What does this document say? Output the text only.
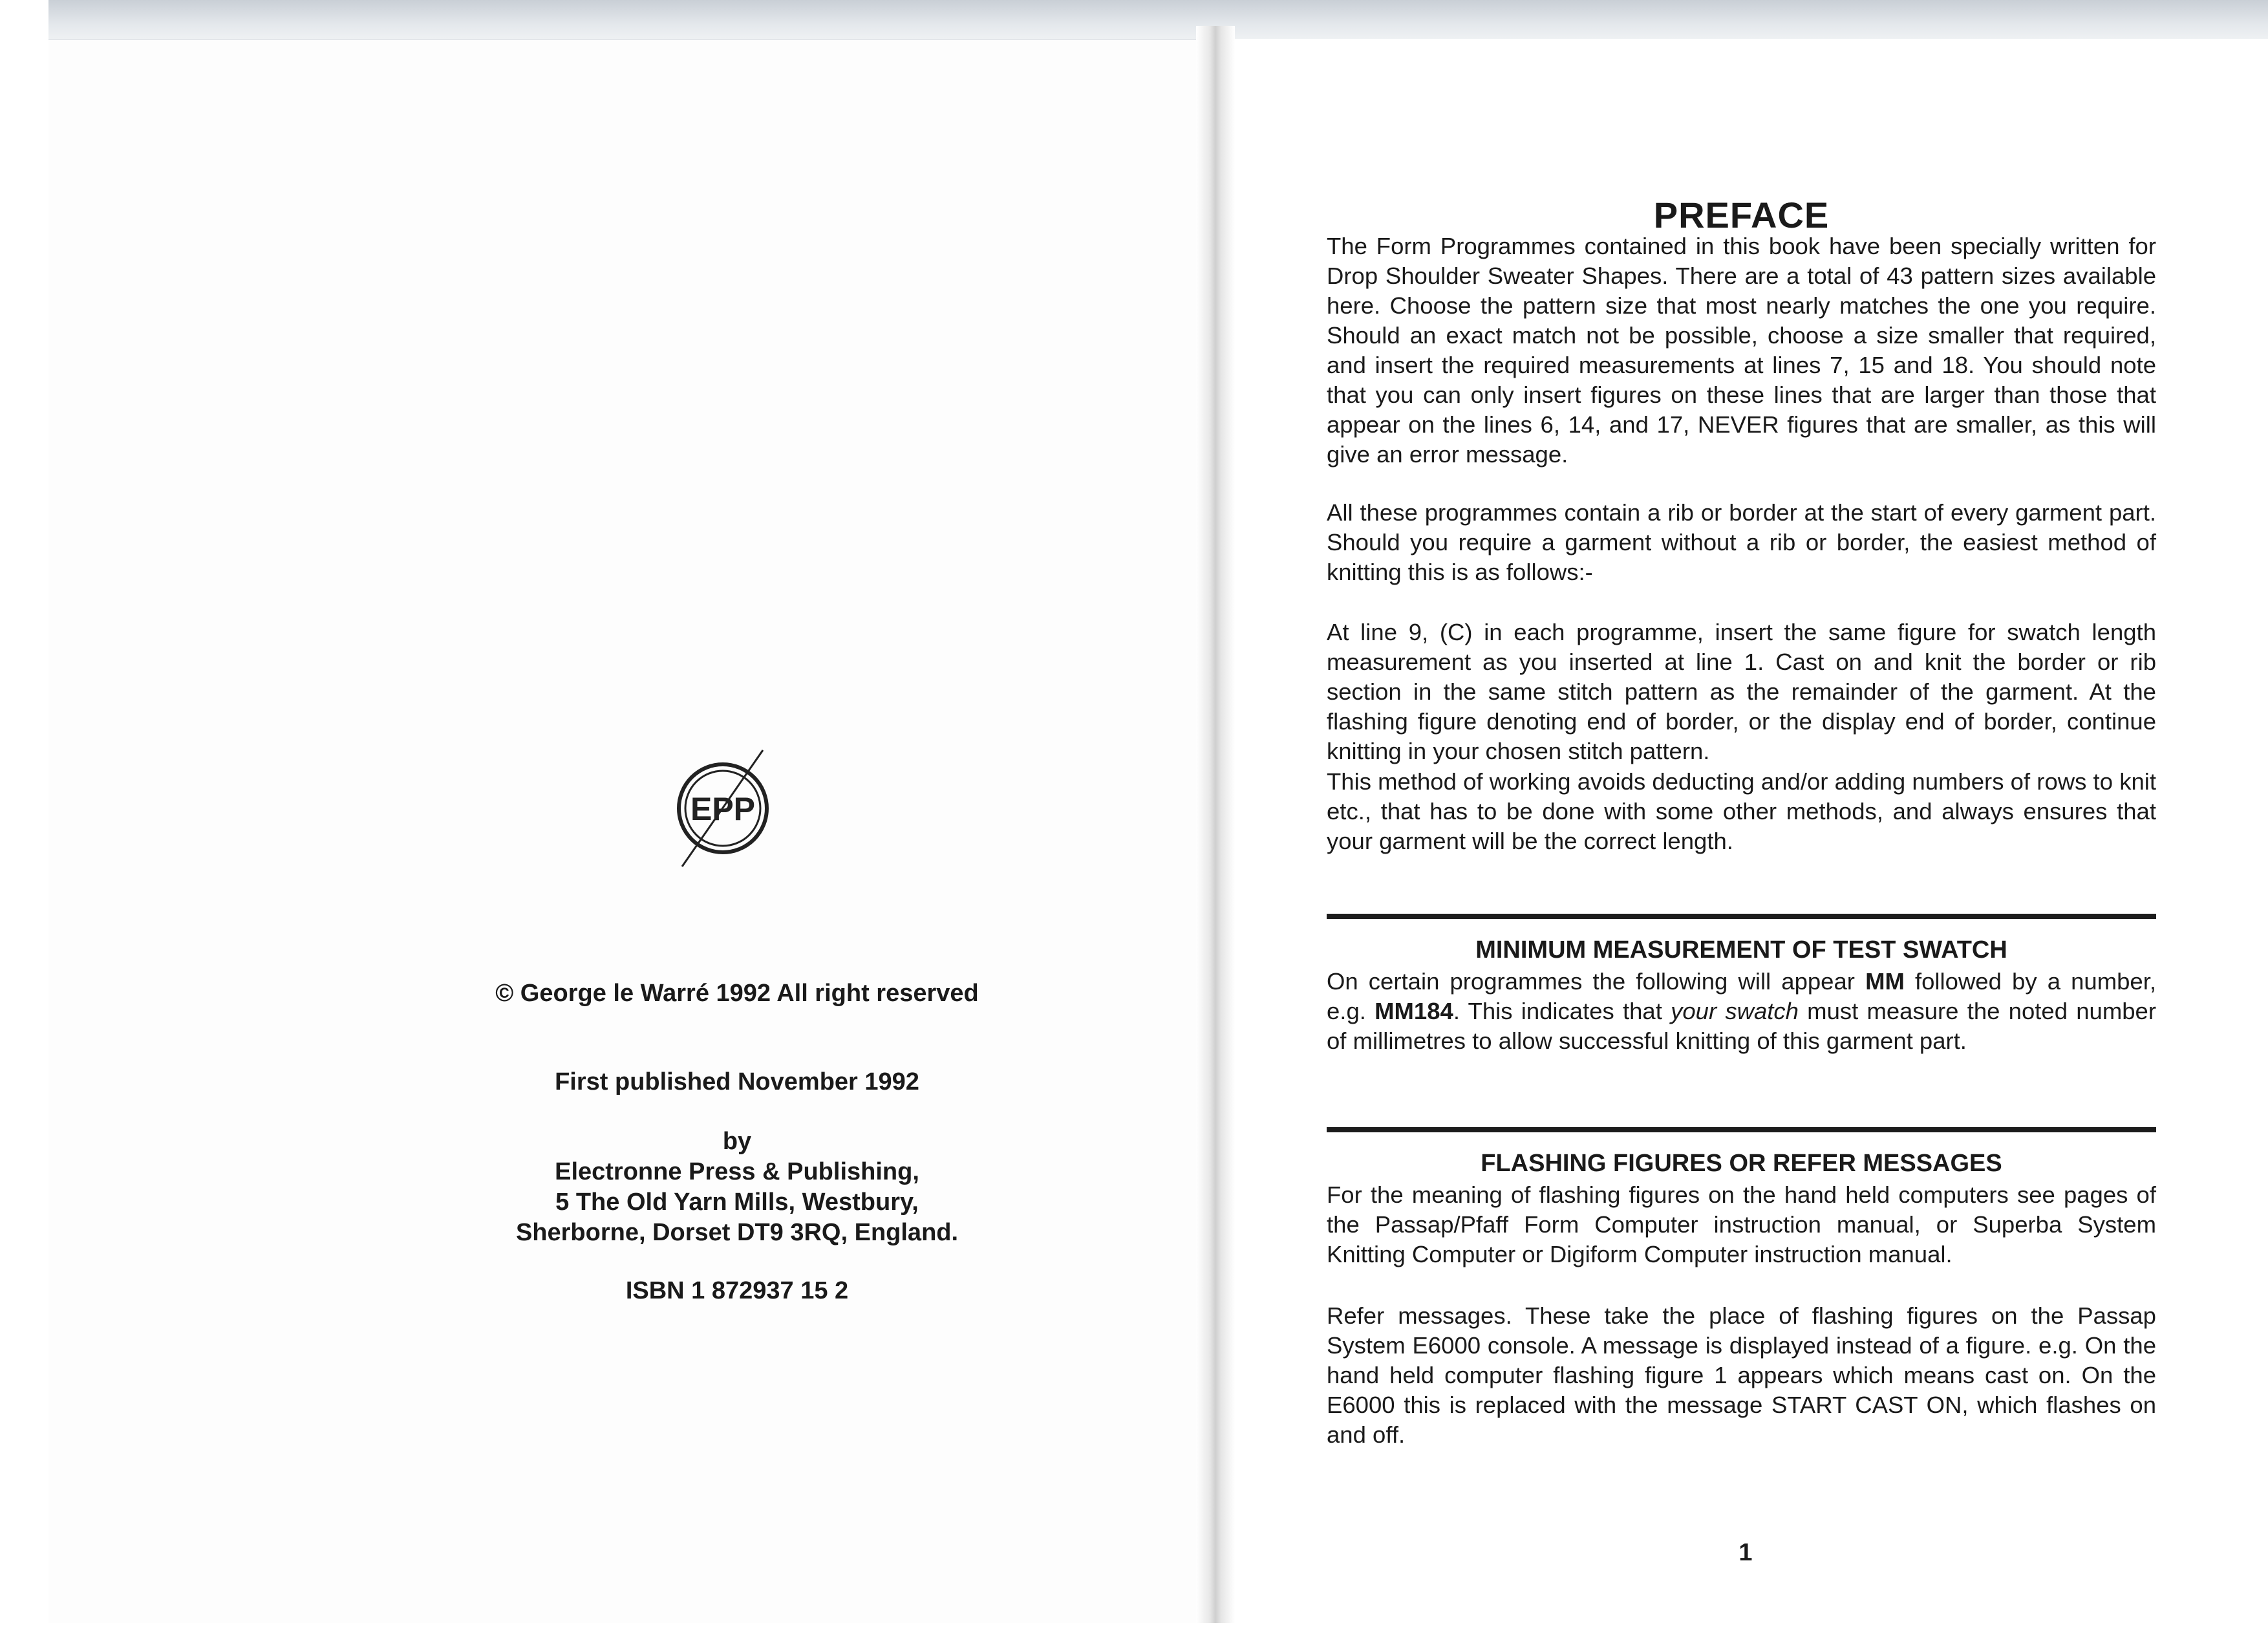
EPP
© George le Warré 1992 All right reserved
First published November 1992
by
Electronne Press & Publishing,
5 The Old Yarn Mills, Westbury,
Sherborne, Dorset DT9 3RQ, England.
ISBN 1 872937 15 2
PREFACE

The Form Programmes contained in this book have been specially written for Drop Shoulder Sweater Shapes. There are a total of 43 pattern sizes available here. Choose the pattern size that most nearly matches the one you require. Should an exact match not be possible, choose a size smaller that required, and insert the required measurements at lines 7, 15 and 18. You should note that you can only insert figures on these lines that are larger than those that appear on the lines 6, 14, and 17, NEVER figures that are smaller, as this will give an error message.

All these programmes contain a rib or border at the start of every garment part. Should you require a garment without a rib or border, the easiest method of knitting this is as follows:-

At line 9, (C) in each programme, insert the same figure for swatch length measurement as you inserted at line 1. Cast on and knit the border or rib section in the same stitch pattern as the remainder of the garment. At the flashing figure denoting end of border, or the display end of border, continue knitting in your chosen stitch pattern.

This method of working avoids deducting and/or adding numbers of rows to knit etc., that has to be done with some other methods, and always ensures that your garment will be the correct length.

MINIMUM MEASUREMENT OF TEST SWATCH

On certain programmes the following will appear MM followed by a number, e.g. MM184. This indicates that your swatch must measure the noted number of millimetres to allow successful knitting of this garment part.

FLASHING FIGURES OR REFER MESSAGES

For the meaning of flashing figures on the hand held computers see pages of the Passap/Pfaff Form Computer instruction manual, or Superba System Knitting Computer or Digiform Computer instruction manual.

Refer messages. These take the place of flashing figures on the Passap System E6000 console. A message is displayed instead of a figure. e.g. On the hand held computer flashing figure 1 appears which means cast on. On the E6000 this is replaced with the message START CAST ON, which flashes on and off.

1
